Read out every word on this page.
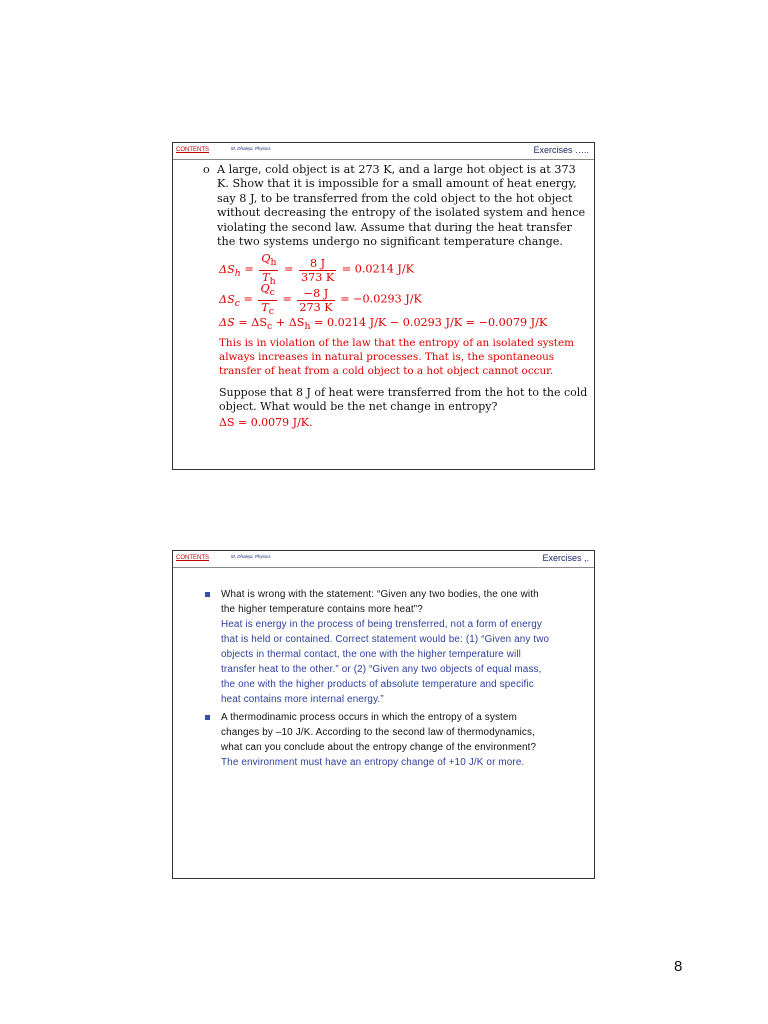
CONTENTS	M. Dhaleja, Physics	Exercises …..
o A large, cold object is at 273 K, and a large hot object is at 373 K. Show that it is impossible for a small amount of heat energy, say 8 J, to be transferred from the cold object to the hot object without decreasing the entropy of the isolated system and hence violating the second law. Assume that during the heat transfer the two systems undergo no significant temperature change.
$\Delta S_h = \frac{Q_h}{T_h} = \frac{8 J}{373 K} = 0.0214$ J/K
$\Delta S_c = \frac{Q_c}{T_c} = \frac{-8 J}{273 K} = -0.0293$ J/K
$\Delta S = \Delta S_c + \Delta S_h = 0.0214$ J/K − 0.0293 J/K = −0.0079 J/K
This is in violation of the law that the entropy of an isolated system always increases in natural processes. That is, the spontaneous transfer of heat from a cold object to a hot object cannot occur.
Suppose that 8 J of heat were transferred from the hot to the cold object. What would be the net change in entropy?
ΔS = 0.0079 J/K.
CONTENTS	M. Dhaleja, Physics	Exercises ,.
What is wrong with the statement: “Given any two bodies, the one with the higher temperature contains more heat”?
Heat is energy in the process of being trensferred, not a form of energy that is held or contained. Correct statement would be: (1) “Given any two objects in thermal contact, the one with the higher temperature will transfer heat to the other.” or (2) “Given any two objects of equal mass, the one with the higher products of absolute temperature and specific heat contains more internal energy.”
A thermodinamic process occurs in which the entropy of a system changes by –10 J/K. According to the second law of thermodynamics, what can you conclude about the entropy change of the environment?
The environment must have an entropy change of +10 J/K or more.
8
